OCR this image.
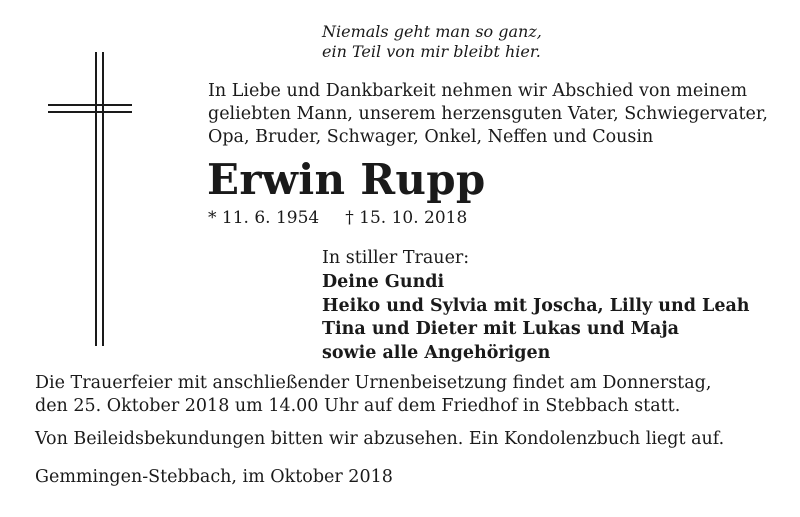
Niemals geht man so ganz,
ein Teil von mir bleibt hier.
In Liebe und Dankbarkeit nehmen wir Abschied von meinem
geliebten Mann, unserem herzensguten Vater, Schwiegervater,
Opa, Bruder, Schwager, Onkel, Neffen und Cousin
Erwin Rupp
* 11. 6. 1954 † 15. 10. 2018
In stiller Trauer:
Deine Gundi
Heiko und Sylvia mit Joscha, Lilly und Leah
Tina und Dieter mit Lukas und Maja
sowie alle Angehörigen
Die Trauerfeier mit anschließender Urnenbeisetzung findet am Donnerstag,
den 25. Oktober 2018 um 14.00 Uhr auf dem Friedhof in Stebbach statt.
Von Beileidsbekundungen bitten wir abzusehen. Ein Kondolenzbuch liegt auf.
Gemmingen-Stebbach, im Oktober 2018
